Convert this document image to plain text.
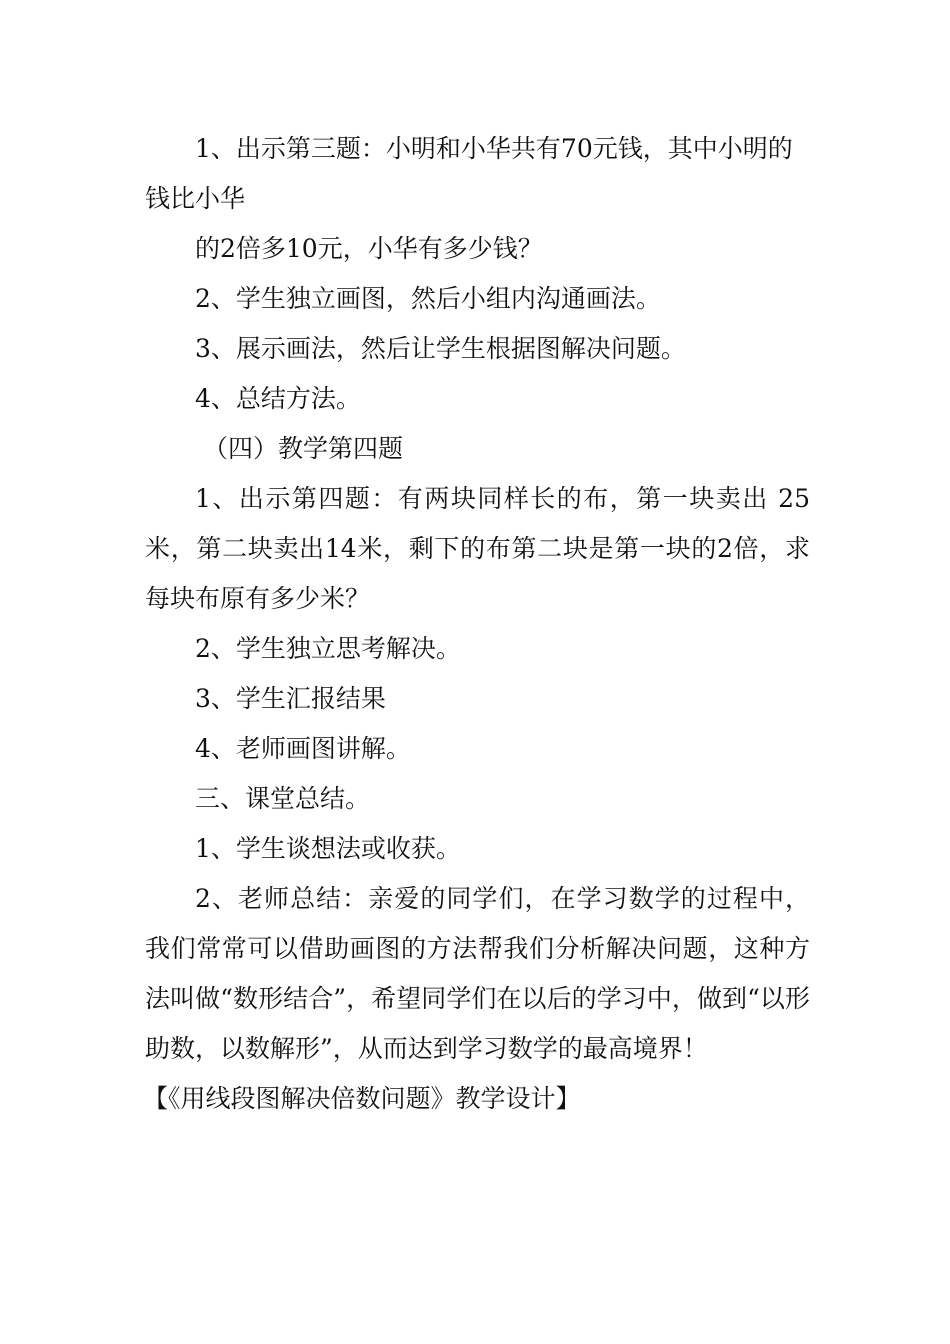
1、出示第三题：小明和小华共有70元钱，其中小明的

钱比小华

的2倍多10元，小华有多少钱？

2、学生独立画图，然后小组内沟通画法。

3、展示画法，然后让学生根据图解决问题。

4、总结方法。

（四）教学第四题

1、出示第四题：有两块同样长的布，第一块卖出 25米，第二块卖出14米，剩下的布第二块是第一块的2倍，求每块布原有多少米？

2、学生独立思考解决。

3、学生汇报结果

4、老师画图讲解。

三、课堂总结。

1、学生谈想法或收获。

2、老师总结：亲爱的同学们，在学习数学的过程中，我们常常可以借助画图的方法帮我们分析解决问题，这种方法叫做“数形结合”，希望同学们在以后的学习中，做到“以形助数，以数解形”，从而达到学习数学的最高境界！

【《用线段图解决倍数问题》教学设计】
